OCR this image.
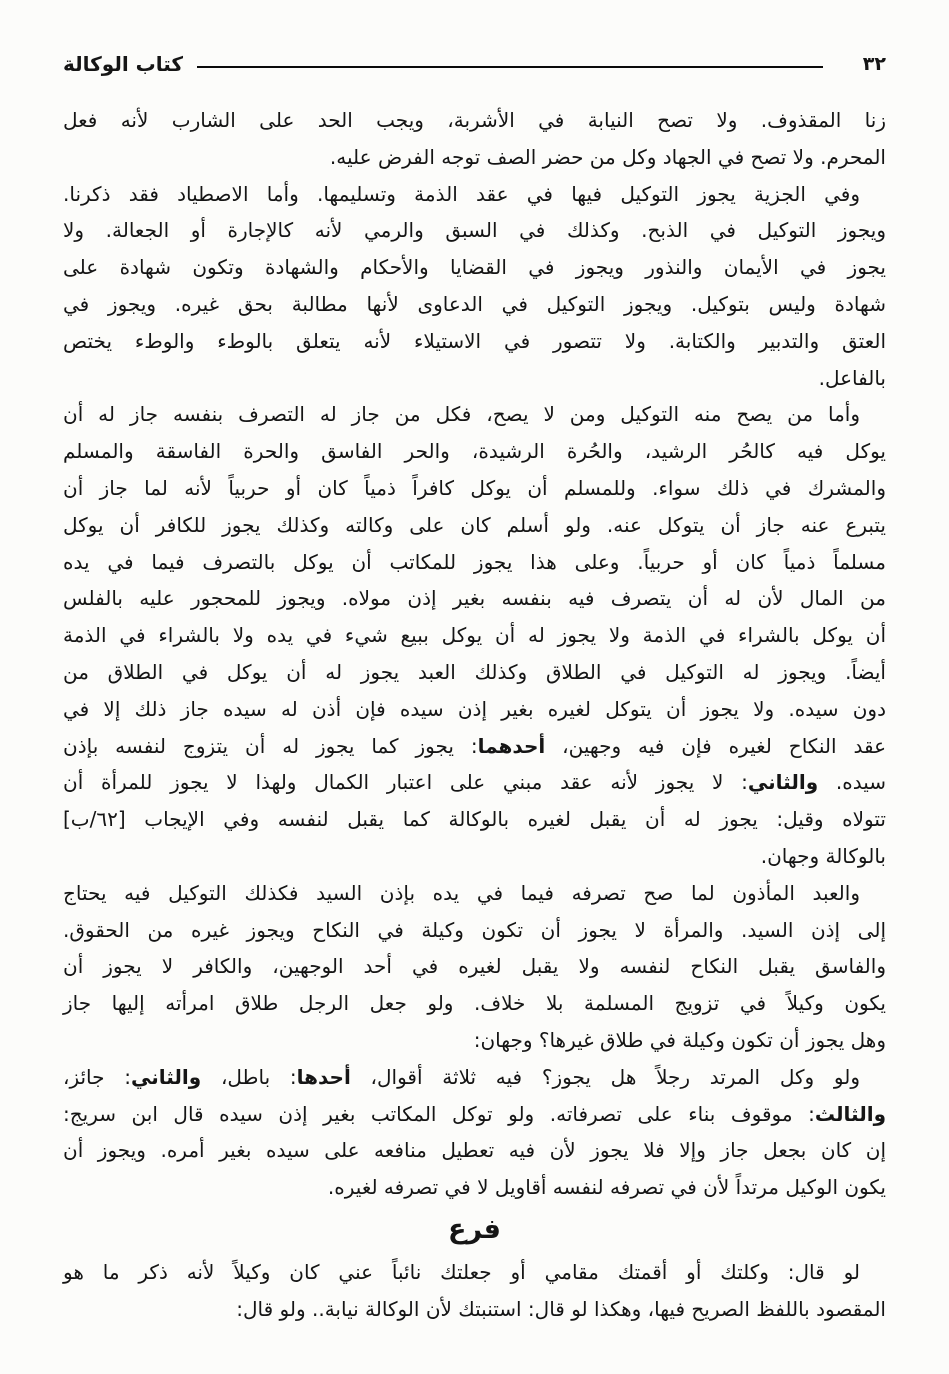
كتاب الوكالة	٣٢
زنا المقذوف. ولا تصح النيابة في الأشربة، ويجب الحد على الشارب لأنه فعل
المحرم. ولا تصح في الجهاد وكل من حضر الصف توجه الفرض عليه.
وفي الجزية يجوز التوكيل فيها في عقد الذمة وتسليمها. وأما الاصطياد فقد ذكرنا.
ويجوز التوكيل في الذبح. وكذلك في السبق والرمي لأنه كالإجارة أو الجعالة. ولا
يجوز في الأيمان والنذور ويجوز في القضايا والأحكام والشهادة وتكون شهادة على
شهادة وليس بتوكيل. ويجوز التوكيل في الدعاوى لأنها مطالبة بحق غيره. ويجوز في
العتق والتدبير والكتابة. ولا تتصور في الاستيلاء لأنه يتعلق بالوطء والوطء يختص
بالفاعل.
وأما من يصح منه التوكيل ومن لا يصح، فكل من جاز له التصرف بنفسه جاز له أن
يوكل فيه كالحُر الرشيد، والحُرة الرشيدة، والحر الفاسق والحرة الفاسقة والمسلم
والمشرك في ذلك سواء. وللمسلم أن يوكل كافراً ذمياً كان أو حربياً لأنه لما جاز أن
يتبرع عنه جاز أن يتوكل عنه. ولو أسلم كان على وكالته وكذلك يجوز للكافر أن يوكل
مسلماً ذمياً كان أو حربياً. وعلى هذا يجوز للمكاتب أن يوكل بالتصرف فيما في يده
من المال لأن له أن يتصرف فيه بنفسه بغير إذن مولاه. ويجوز للمحجور عليه بالفلس
أن يوكل بالشراء في الذمة ولا يجوز له أن يوكل ببيع شيء في يده ولا بالشراء في الذمة
أيضاً. ويجوز له التوكيل في الطلاق وكذلك العبد يجوز له أن يوكل في الطلاق من
دون سيده. ولا يجوز أن يتوكل لغيره بغير إذن سيده فإن أذن له سيده جاز ذلك إلا في
عقد النكاح لغيره فإن فيه وجهين، أحدهما: يجوز كما يجوز له أن يتزوج لنفسه بإذن
سيده. والثاني: لا يجوز لأنه عقد مبني على اعتبار الكمال ولهذا لا يجوز للمرأة أن
تتولاه وقيل: يجوز له أن يقبل لغيره بالوكالة كما يقبل لنفسه وفي الإيجاب [٦٢/ب]
بالوكالة وجهان.
والعبد المأذون لما صح تصرفه فيما في يده بإذن السيد فكذلك التوكيل فيه يحتاج
إلى إذن السيد. والمرأة لا يجوز أن تكون وكيلة في النكاح ويجوز غيره من الحقوق.
والفاسق يقبل النكاح لنفسه ولا يقبل لغيره في أحد الوجهين، والكافر لا يجوز أن
يكون وكيلاً في تزويج المسلمة بلا خلاف. ولو جعل الرجل طلاق امرأته إليها جاز
وهل يجوز أن تكون وكيلة في طلاق غيرها؟ وجهان:
ولو وكل المرتد رجلاً هل يجوز؟ فيه ثلاثة أقوال، أحدها: باطل، والثاني: جائز،
والثالث: موقوف بناء على تصرفاته. ولو توكل المكاتب بغير إذن سيده قال ابن سريج:
إن كان بجعل جاز وإلا فلا يجوز لأن فيه تعطيل منافعه على سيده بغير أمره. ويجوز أن
يكون الوكيل مرتداً لأن في تصرفه لنفسه أقاويل لا في تصرفه لغيره.
فرع
لو قال: وكلتك أو أقمتك مقامي أو جعلتك نائباً عني كان وكيلاً لأنه ذكر ما هو
المقصود باللفظ الصريح فيها، وهكذا لو قال: استنبتك لأن الوكالة نيابة.. ولو قال:
